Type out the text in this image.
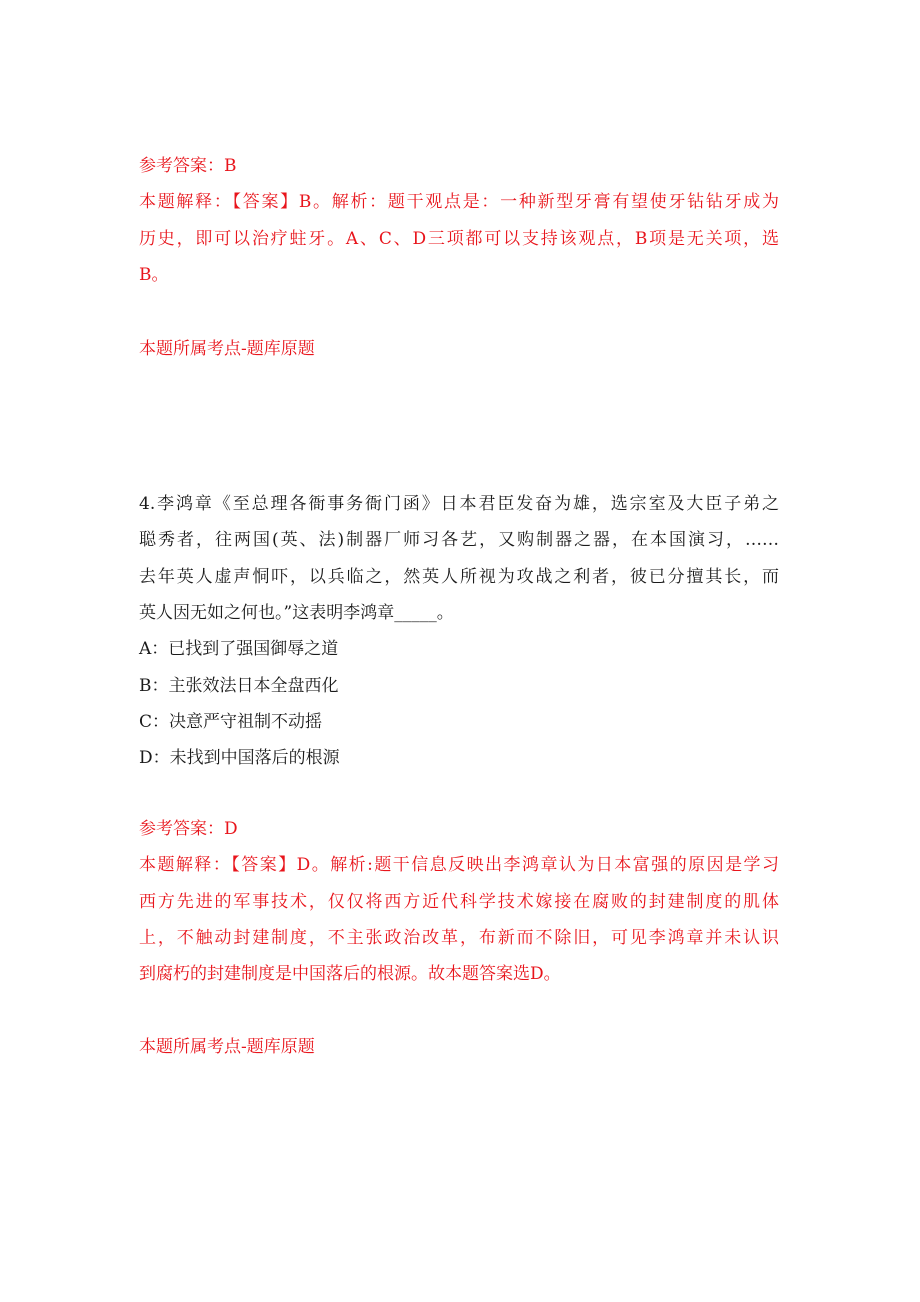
参考答案：B
本题解释：【答案】B。解析：题干观点是：一种新型牙膏有望使牙钻钻牙成为
历史，即可以治疗蛀牙。A、C、D三项都可以支持该观点，B项是无关项，选
B。
本题所属考点-题库原题
4.李鸿章《至总理各衙事务衙门函》日本君臣发奋为雄，选宗室及大臣子弟之
聪秀者，往两国(英、法)制器厂师习各艺，又购制器之器，在本国演习，……
去年英人虚声恫吓，以兵临之，然英人所视为攻战之利者，彼已分擅其长，而
英人因无如之何也。”这表明李鸿章_____。
A：已找到了强国御辱之道
B：主张效法日本全盘西化
C：决意严守祖制不动摇
D：未找到中国落后的根源
参考答案：D
本题解释：【答案】D。解析:题干信息反映出李鸿章认为日本富强的原因是学习
西方先进的军事技术，仅仅将西方近代科学技术嫁接在腐败的封建制度的肌体
上，不触动封建制度，不主张政治改革，布新而不除旧，可见李鸿章并未认识
到腐朽的封建制度是中国落后的根源。故本题答案选D。
本题所属考点-题库原题
